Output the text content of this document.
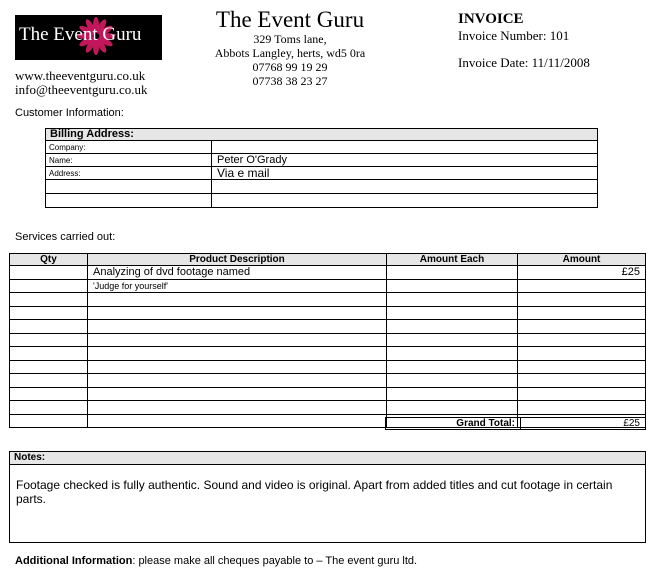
The Event Guru
www.theeventguru.co.uk
info@theeventguru.co.uk
The Event Guru
329 Toms lane,
Abbots Langley, herts, wd5 0ra
07768 99 19 29
07738 38 23 27
INVOICE
Invoice Number: 101
Invoice Date: 11/11/2008
Customer Information:
Billing Address:	
Company:	
Name:	Peter O'Grady
Address:	Via e mail

Services carried out:
Qty	Product Description	Amount Each	Amount
	Analyzing of dvd footage named		£25
	'Judge for yourself'		

Grand Total:	£25
Notes:
Footage checked is fully authentic. Sound and video is original. Apart from added titles and cut footage in certain parts.
Additional Information: please make all cheques payable to – The event guru ltd.
